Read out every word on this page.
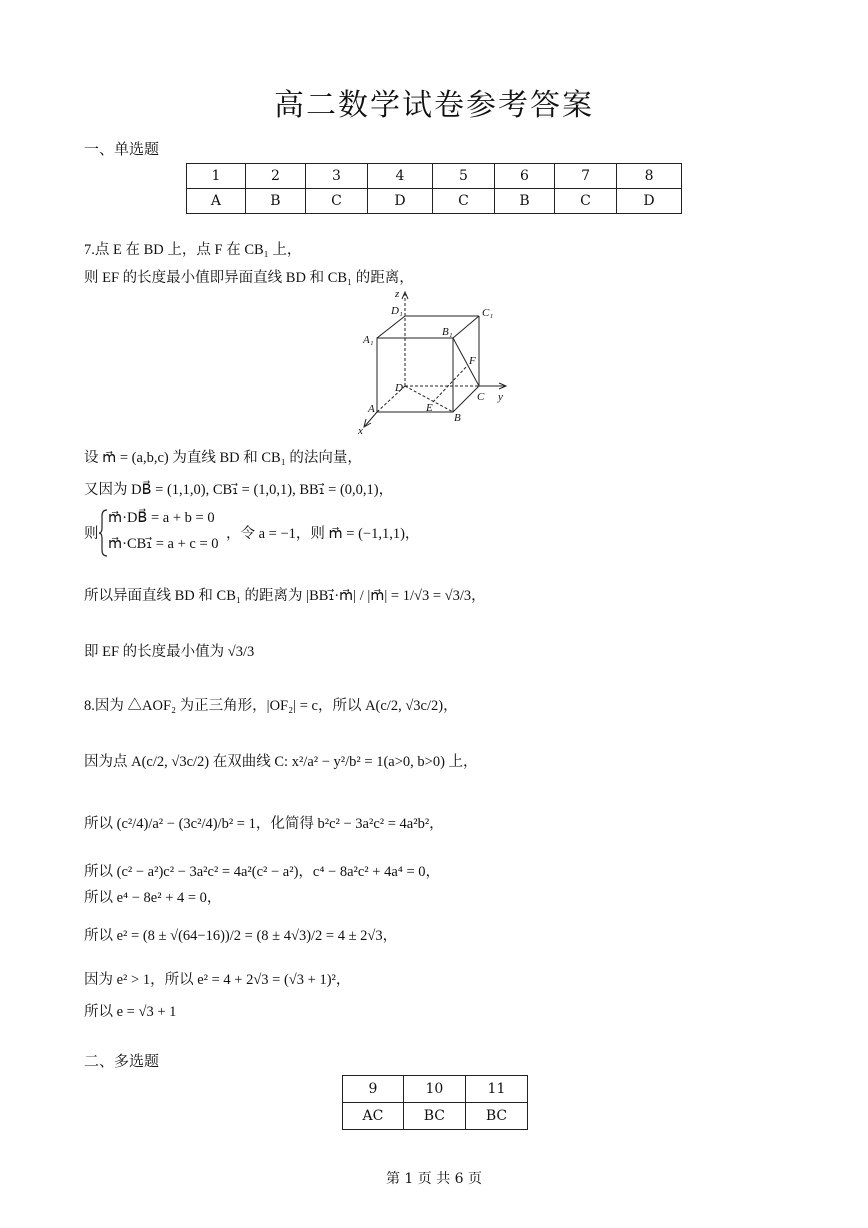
高二数学试卷参考答案
一、单选题
1	2	3	4	5	6	7	8
A	B	C	D	C	B	C	D
7.点 E 在 BD 上，点 F 在 CB₁ 上，
则 EF 的长度最小值即异面直线 BD 和 CB₁ 的距离，
z
D₁	C₁
B₁
A₁
F
D
C y
A	E
B
x
设 m⃗ = (a,b,c) 为直线 BD 和 CB₁ 的法向量，
又因为 DB⃗ = (1,1,0), CB₁⃗ = (1,0,1), BB₁⃗ = (0,0,1)，
则
m⃗·DB⃗ = a + b = 0
m⃗·CB₁⃗ = a + c = 0
，令 a = −1，则 m⃗ = (−1,1,1)，
所以异面直线 BD 和 CB₁ 的距离为 |BB₁⃗·m⃗| / |m⃗| = 1/√3 = √3/3，
即 EF 的长度最小值为 √3/3
8.因为 △AOF₂ 为正三角形，|OF₂| = c，所以 A(c/2, √3c/2)，
因为点 A(c/2, √3c/2) 在双曲线 C: x²/a² − y²/b² = 1(a>0, b>0) 上，
所以 (c²/4)/a² − (3c²/4)/b² = 1，化简得 b²c² − 3a²c² = 4a²b²，
所以 (c² − a²)c² − 3a²c² = 4a²(c² − a²)，c⁴ − 8a²c² + 4a⁴ = 0，
所以 e⁴ − 8e² + 4 = 0，
所以 e² = (8 ± √(64−16))/2 = (8 ± 4√3)/2 = 4 ± 2√3，
因为 e² > 1，所以 e² = 4 + 2√3 = (√3 + 1)²，
所以 e = √3 + 1
二、多选题
9	10	11
AC	BC	BC
第 1 页 共 6 页
